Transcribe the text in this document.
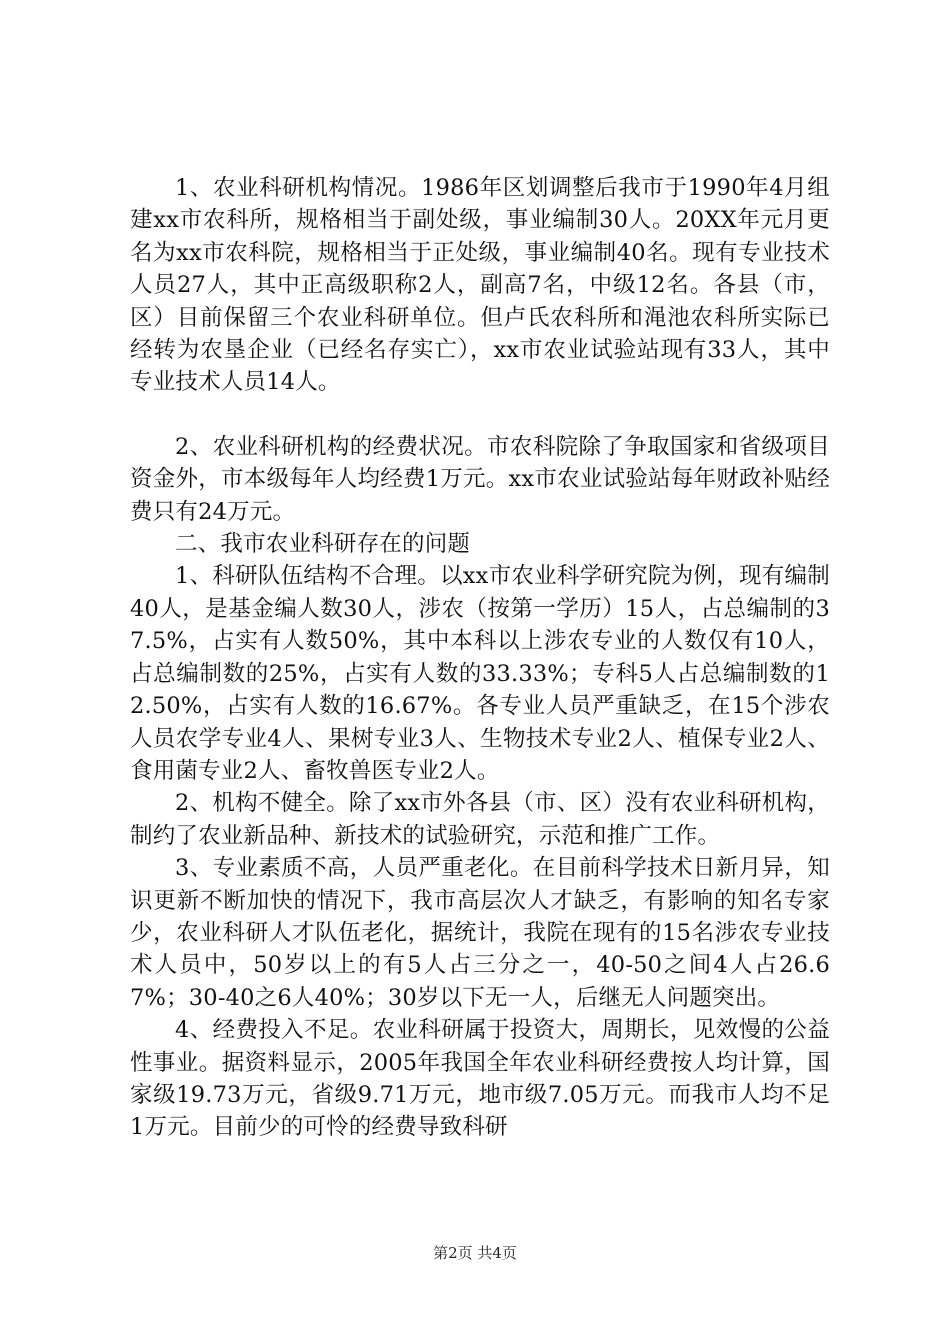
1、农业科研机构情况。1986年区划调整后我市于1990年4月组建xx市农科所，规格相当于副处级，事业编制30人。20XX年元月更名为xx市农科院，规格相当于正处级，事业编制40名。现有专业技术人员27人，其中正高级职称2人，副高7名，中级12名。各县（市，区）目前保留三个农业科研单位。但卢氏农科所和渑池农科所实际已经转为农垦企业（已经名存实亡），xx市农业试验站现有33人，其中专业技术人员14人。

2、农业科研机构的经费状况。市农科院除了争取国家和省级项目资金外，市本级每年人均经费1万元。xx市农业试验站每年财政补贴经费只有24万元。

二、我市农业科研存在的问题

1、科研队伍结构不合理。以xx市农业科学研究院为例，现有编制40人，是基金编人数30人，涉农（按第一学历）15人，占总编制的37.5%，占实有人数50%，其中本科以上涉农专业的人数仅有10人，占总编制数的25%，占实有人数的33.33%；专科5人占总编制数的12.50%，占实有人数的16.67%。各专业人员严重缺乏，在15个涉农人员农学专业4人、果树专业3人、生物技术专业2人、植保专业2人、食用菌专业2人、畜牧兽医专业2人。

2、机构不健全。除了xx市外各县（市、区）没有农业科研机构，制约了农业新品种、新技术的试验研究，示范和推广工作。

3、专业素质不高，人员严重老化。在目前科学技术日新月异，知识更新不断加快的情况下，我市高层次人才缺乏，有影响的知名专家少，农业科研人才队伍老化，据统计，我院在现有的15名涉农专业技术人员中，50岁以上的有5人占三分之一，40-50之间4人占26.67%；30-40之6人40%；30岁以下无一人，后继无人问题突出。

4、经费投入不足。农业科研属于投资大，周期长，见效慢的公益性事业。据资料显示，2005年我国全年农业科研经费按人均计算，国家级19.73万元，省级9.71万元，地市级7.05万元。而我市人均不足1万元。目前少的可怜的经费导致科研

第2页 共4页
